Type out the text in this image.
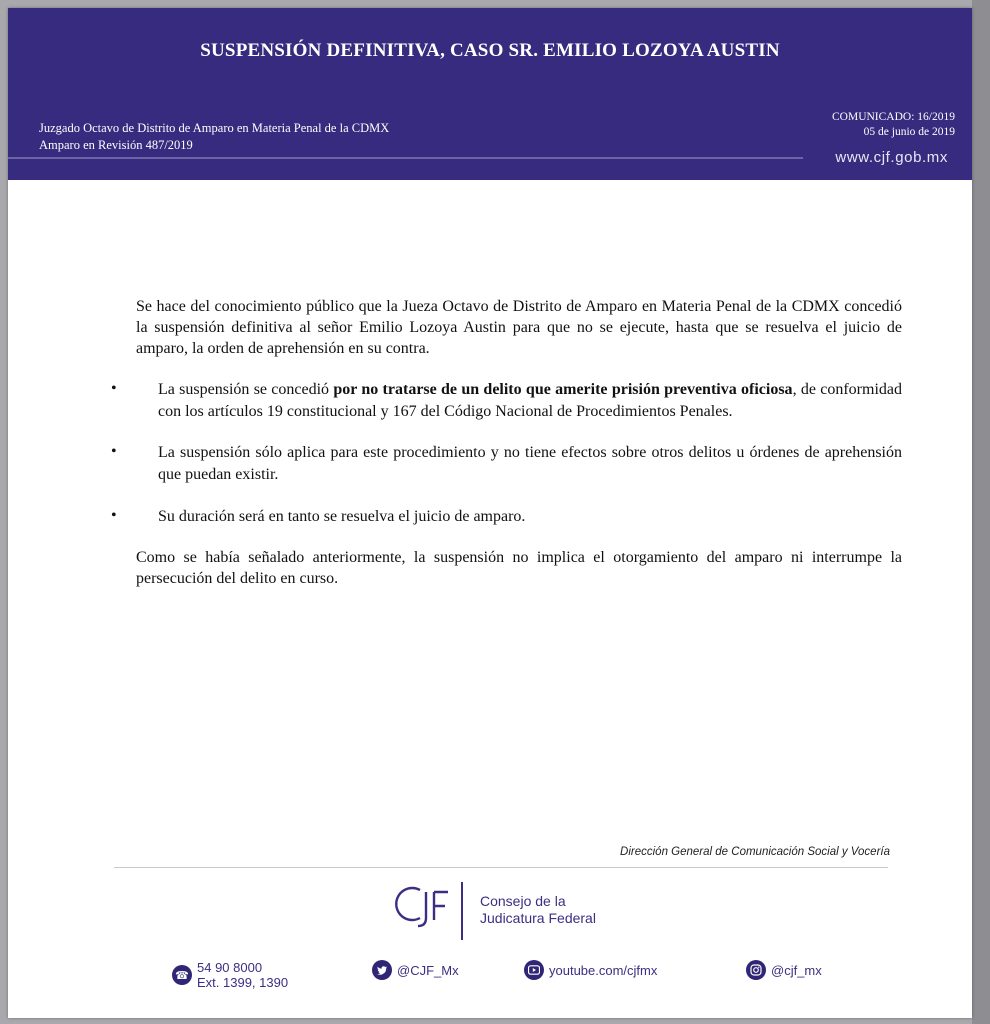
SUSPENSIÓN DEFINITIVA, CASO SR. EMILIO LOZOYA AUSTIN
Juzgado Octavo de Distrito de Amparo en Materia Penal de la CDMX
Amparo en Revisión 487/2019
COMUNICADO: 16/2019
05 de junio de 2019
www.cjf.gob.mx
Se hace del conocimiento público que la Jueza Octavo de Distrito de Amparo en Materia Penal de la CDMX concedió la suspensión definitiva al señor Emilio Lozoya Austin para que no se ejecute, hasta que se resuelva el juicio de amparo, la orden de aprehensión en su contra.
•	La suspensión se concedió por no tratarse de un delito que amerite prisión preventiva oficiosa, de conformidad con los artículos 19 constitucional y 167 del Código Nacional de Procedimientos Penales.
•	La suspensión sólo aplica para este procedimiento y no tiene efectos sobre otros delitos u órdenes de aprehensión que puedan existir.
•	Su duración será en tanto se resuelva el juicio de amparo.
Como se había señalado anteriormente, la suspensión no implica el otorgamiento del amparo ni interrumpe la persecución del delito en curso.
Dirección General de Comunicación Social y Vocería
Consejo de la
Judicatura Federal
☎
54 90 8000
Ext. 1399, 1390
@CJF_Mx	youtube.com/cjfmx	@cjf_mx
